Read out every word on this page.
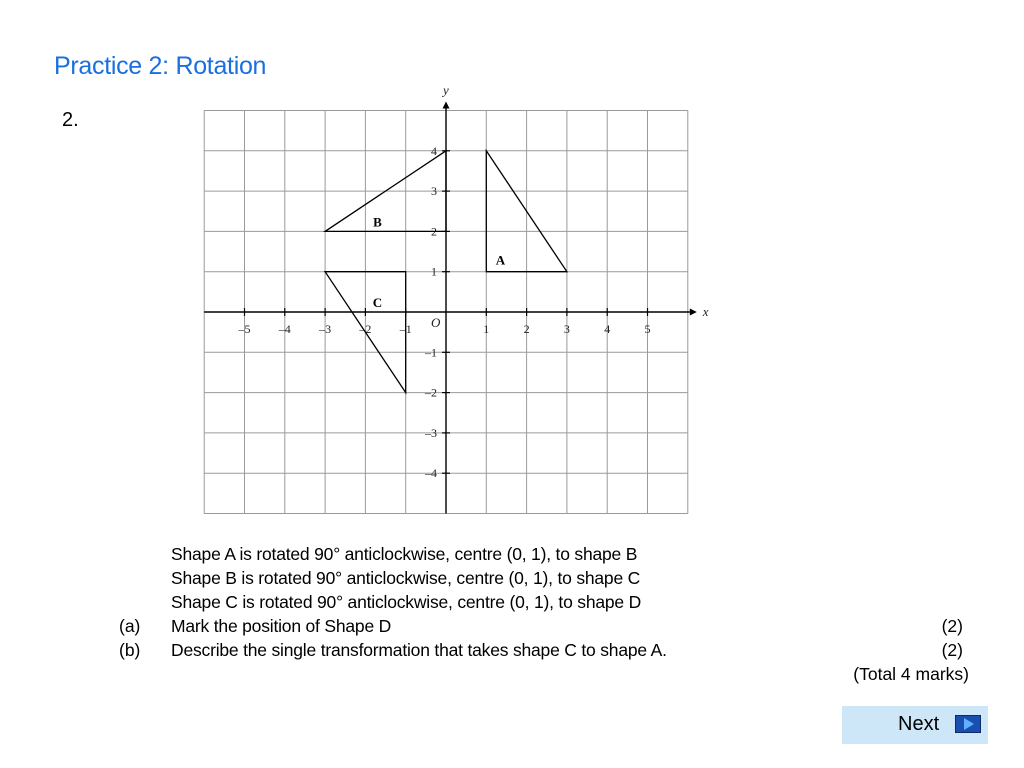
Practice 2: Rotation
2.
x
y
O
–5 –4 –3 –2 –1	1	2	3	4	5
4
3
2
1
–1
–2
–3
–4
A
B
C
Shape A is rotated 90° anticlockwise, centre (0, 1), to shape B
Shape B is rotated 90° anticlockwise, centre (0, 1), to shape C
Shape C is rotated 90° anticlockwise, centre (0, 1), to shape D
(a) Mark the position of Shape D	(2)
(b) Describe the single transformation that takes shape C to shape A.	(2)
(Total 4 marks)
Next
